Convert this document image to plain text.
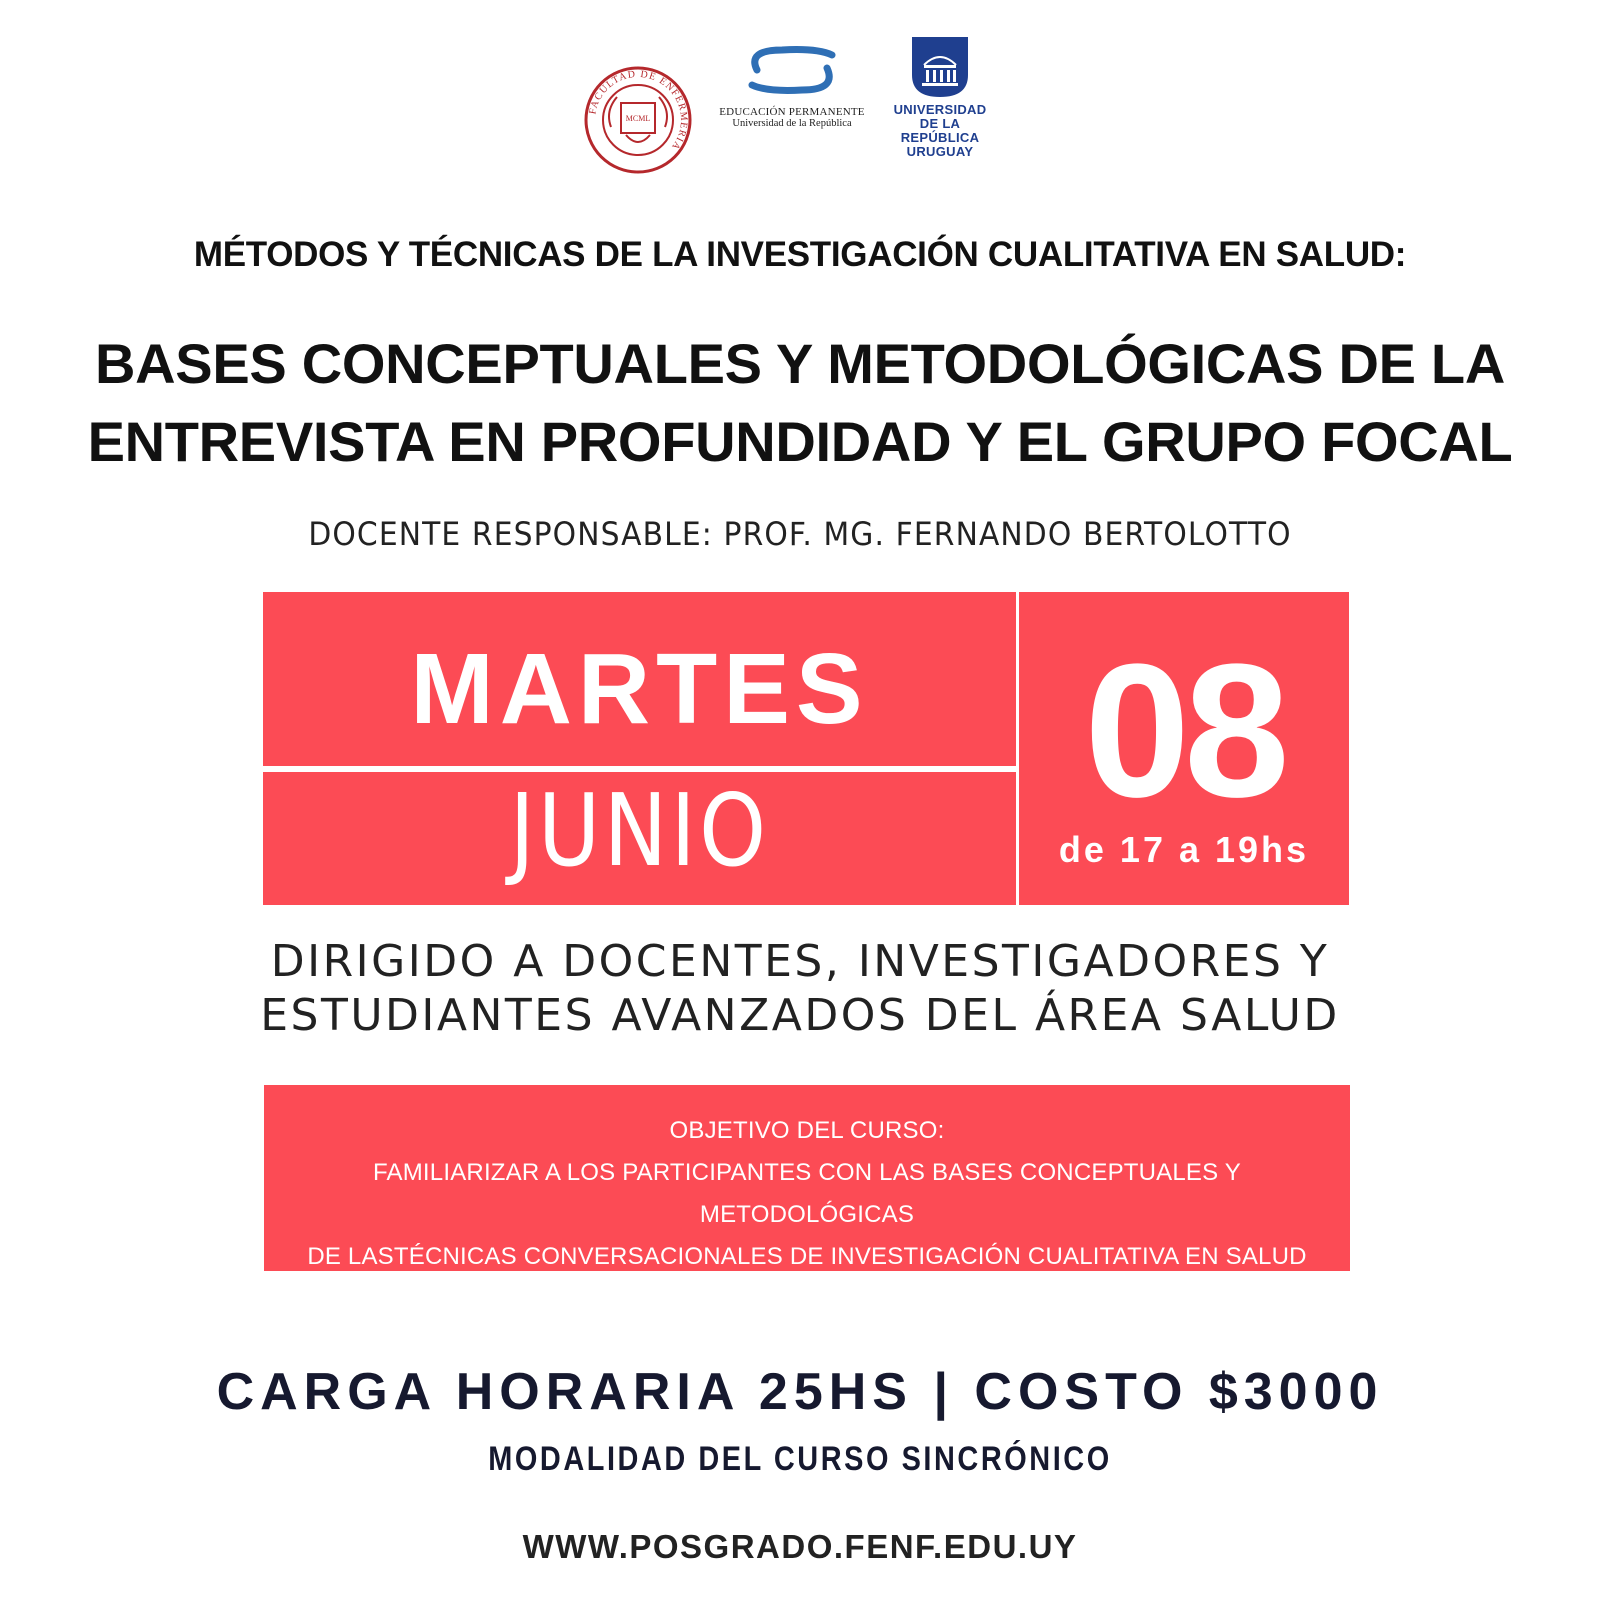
FACULTAD DE ENFERMERIA
MCML
EDUCACIÓN PERMANENTE
Universidad de la República
UNIVERSIDAD
DE LA REPÚBLICA
URUGUAY
MÉTODOS Y TÉCNICAS DE LA INVESTIGACIÓN CUALITATIVA EN SALUD:
BASES CONCEPTUALES Y METODOLÓGICAS DE LA
ENTREVISTA EN PROFUNDIDAD Y EL GRUPO FOCAL
DOCENTE RESPONSABLE: PROF. MG. FERNANDO BERTOLOTTO
MARTES
JUNIO	08
de 17 a 19hs
DIRIGIDO A DOCENTES, INVESTIGADORES Y
ESTUDIANTES AVANZADOS DEL ÁREA SALUD
OBJETIVO DEL CURSO:
FAMILIARIZAR A LOS PARTICIPANTES CON LAS BASES CONCEPTUALES Y METODOLÓGICAS
DE LASTÉCNICAS CONVERSACIONALES DE INVESTIGACIÓN CUALITATIVA EN SALUD
CARGA HORARIA 25HS | COSTO $3000
MODALIDAD DEL CURSO SINCRÓNICO
WWW.POSGRADO.FENF.EDU.UY
